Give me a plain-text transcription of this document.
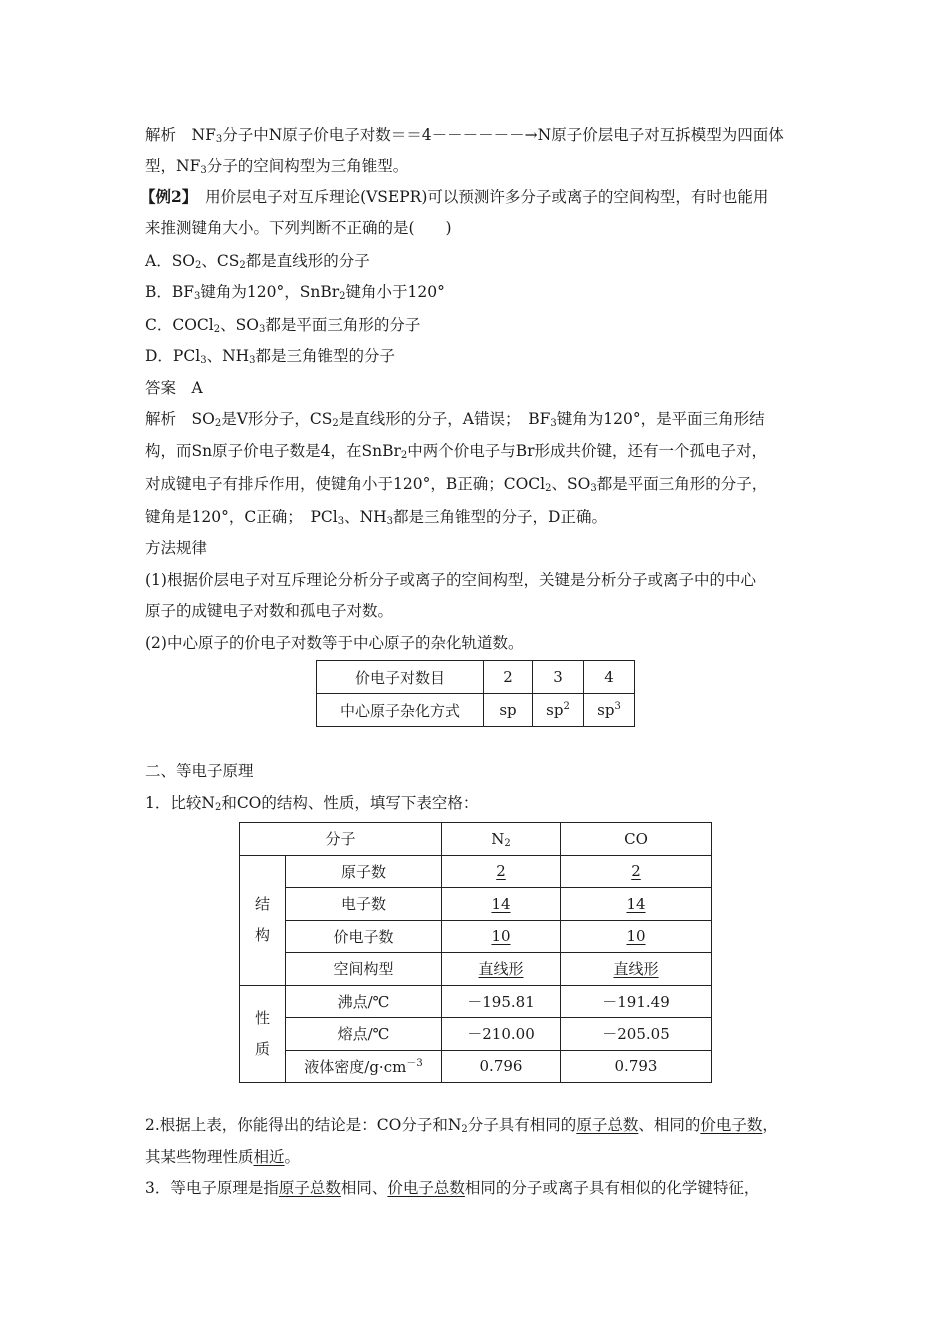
解析　 $NF_3$分子中N原子价电子对数＝＝4－－－－－－→N原子价层电子对互拆模型为四面体
型，$NF_3$分子的空间构型为三角锥型。
【例2】　 用价层电子对互斥理论(VSEPR)可以预测许多分子或离子的空间构型，有时也能用
来推测键角大小。下列判断不正确的是(　　)
A．$SO_2$、$CS_2$都是直线形的分子
B．$BF_3$键角为120°，SnBr$_2$键角小于120°
C．COCl$_2$、$SO_3$都是平面三角形的分子
D．PCl$_3$、$NH_3$都是三角锥型的分子
答案　A
解析　$SO_2$是V形分子，$CS_2$是直线形的分子，A错误；　$BF_3$键角为120°，是平面三角形结
构，而Sn原子价电子数是4，在SnBr$_2$中两个价电子与Br形成共价键，还有一个孤电子对，
对成键电子有排斥作用，使键角小于120°，B正确；COCl$_2$、$SO_3$都是平面三角形的分子，
键角是120°，C正确；　PCl$_3$、$NH_3$都是三角锥型的分子，D正确。
方法规律
(1)根据价层电子对互斥理论分析分子或离子的空间构型，关键是分析分子或离子中的中心
原子的成键电子对数和孤电子对数。
(2)中心原子的价电子对数等于中心原子的杂化轨道数。
价电子对数目	2	3	4
中心原子杂化方式	sp	$sp^2$	$sp^3$
二、等电子原理
1．比较$N_2$和CO的结构、性质，填写下表空格：
分子		$N_2$	CO

结
构	原子数	2	2
	电子数	14	14
	价电子数	10	10
	空间构型	直线形	直线形

性
质	沸点/℃	－195.81	－191.49
	熔点/℃	－210.00	－205.05
	液体密度$/g\cdot cm^{-3}$	0.796	0.793
2.根据上表，你能得出的结论是：CO分子和$N_2$分子具有相同的原子总数、相同的价电子数，
其某些物理性质相近。
3．等电子原理是指原子总数相同、价电子总数相同的分子或离子具有相似的化学键特征，
